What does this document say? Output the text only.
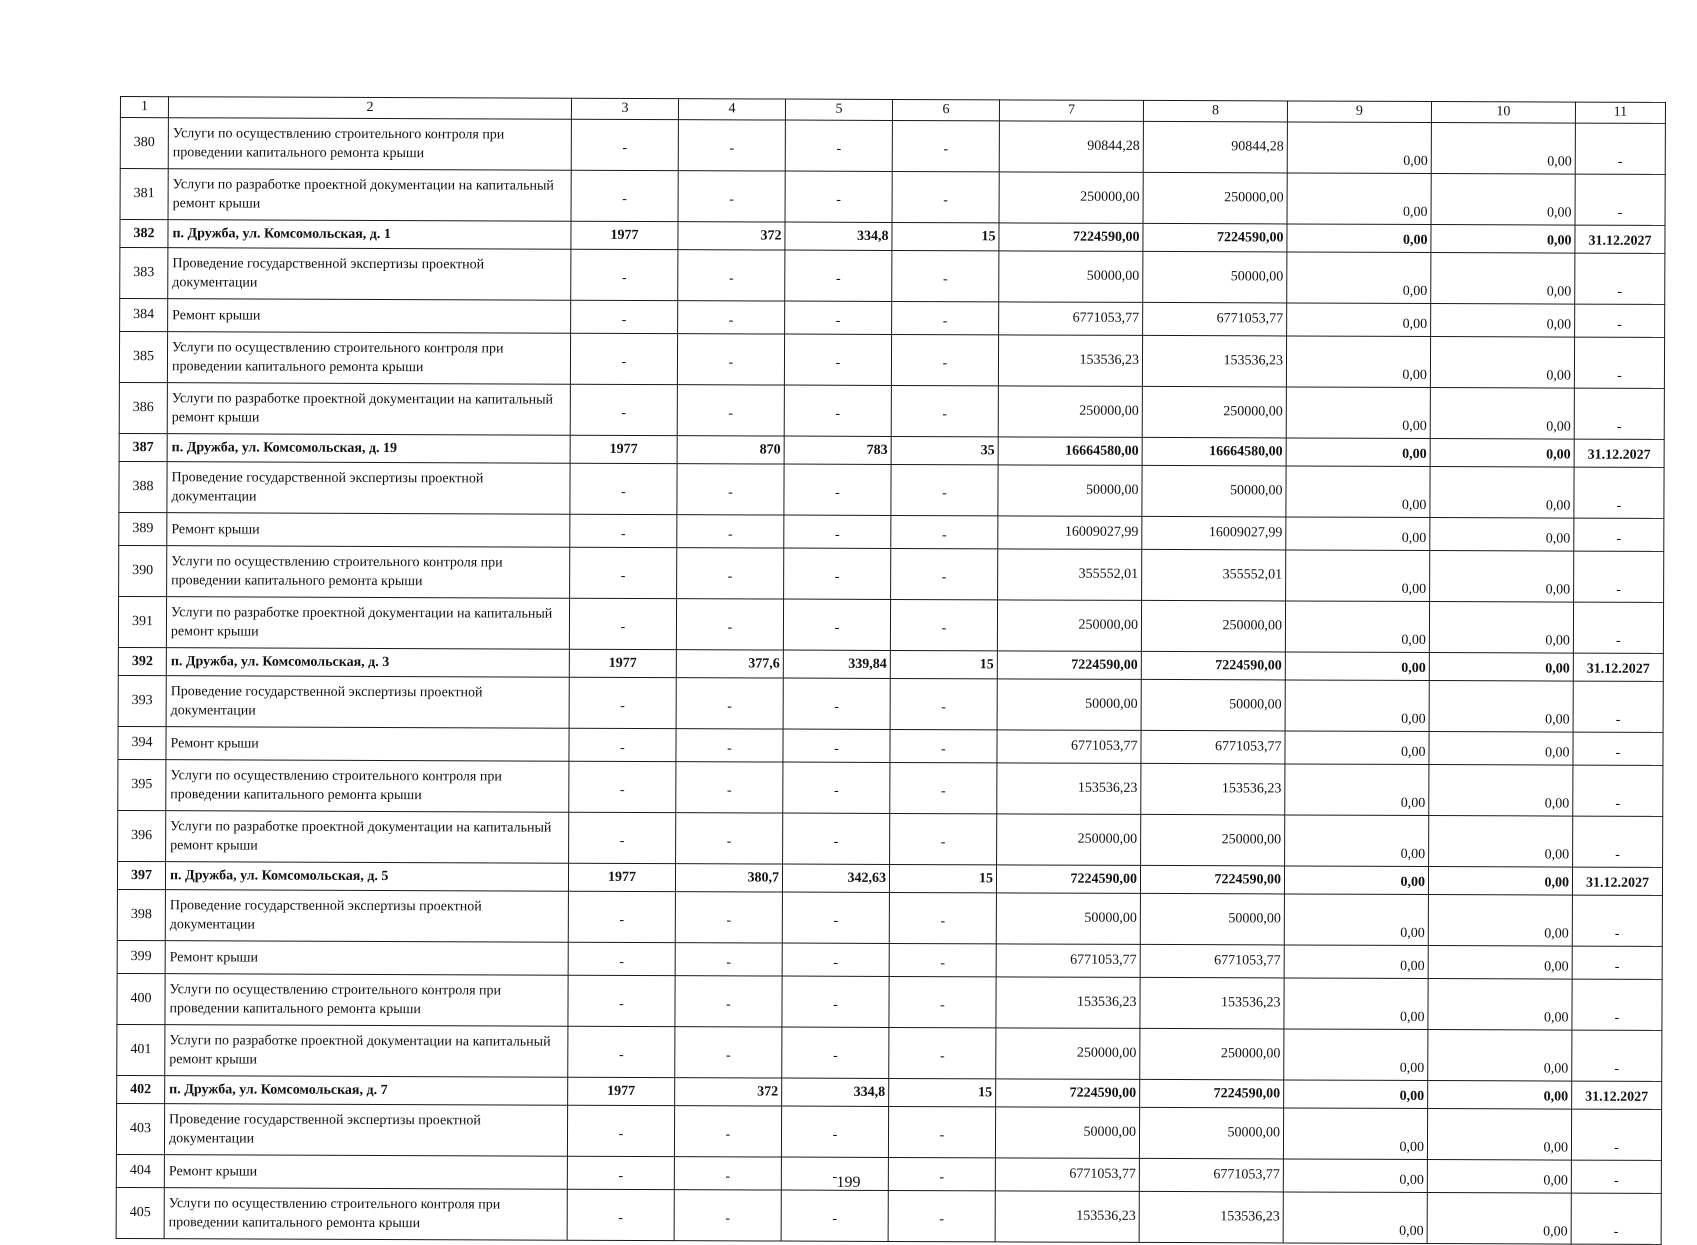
1	2	3	4	5	6	7	8	9	10	11
380	Услуги по осуществлению строительного контроля при проведении капитального ремонта крыши	-	-	-	-	90844,28	90844,28	0,00	0,00	-
381	Услуги по разработке проектной документации на капитальный ремонт крыши	-	-	-	-	250000,00	250000,00	0,00	0,00	-
382	п. Дружба, ул. Комсомольская, д. 1	1977	372	334,8	15	7224590,00	7224590,00	0,00	0,00	31.12.2027
383	Проведение государственной экспертизы проектной документации	-	-	-	-	50000,00	50000,00	0,00	0,00	-
384	Ремонт крыши	-	-	-	-	6771053,77	6771053,77	0,00	0,00	-
385	Услуги по осуществлению строительного контроля при проведении капитального ремонта крыши	-	-	-	-	153536,23	153536,23	0,00	0,00	-
386	Услуги по разработке проектной документации на капитальный ремонт крыши	-	-	-	-	250000,00	250000,00	0,00	0,00	-
387	п. Дружба, ул. Комсомольская, д. 19	1977	870	783	35	16664580,00	16664580,00	0,00	0,00	31.12.2027
388	Проведение государственной экспертизы проектной документации	-	-	-	-	50000,00	50000,00	0,00	0,00	-
389	Ремонт крыши	-	-	-	-	16009027,99	16009027,99	0,00	0,00	-
390	Услуги по осуществлению строительного контроля при проведении капитального ремонта крыши	-	-	-	-	355552,01	355552,01	0,00	0,00	-
391	Услуги по разработке проектной документации на капитальный ремонт крыши	-	-	-	-	250000,00	250000,00	0,00	0,00	-
392	п. Дружба, ул. Комсомольская, д. 3	1977	377,6	339,84	15	7224590,00	7224590,00	0,00	0,00	31.12.2027
393	Проведение государственной экспертизы проектной документации	-	-	-	-	50000,00	50000,00	0,00	0,00	-
394	Ремонт крыши	-	-	-	-	6771053,77	6771053,77	0,00	0,00	-
395	Услуги по осуществлению строительного контроля при проведении капитального ремонта крыши	-	-	-	-	153536,23	153536,23	0,00	0,00	-
396	Услуги по разработке проектной документации на капитальный ремонт крыши	-	-	-	-	250000,00	250000,00	0,00	0,00	-
397	п. Дружба, ул. Комсомольская, д. 5	1977	380,7	342,63	15	7224590,00	7224590,00	0,00	0,00	31.12.2027
398	Проведение государственной экспертизы проектной документации	-	-	-	-	50000,00	50000,00	0,00	0,00	-
399	Ремонт крыши	-	-	-	-	6771053,77	6771053,77	0,00	0,00	-
400	Услуги по осуществлению строительного контроля при проведении капитального ремонта крыши	-	-	-	-	153536,23	153536,23	0,00	0,00	-
401	Услуги по разработке проектной документации на капитальный ремонт крыши	-	-	-	-	250000,00	250000,00	0,00	0,00	-
402	п. Дружба, ул. Комсомольская, д. 7	1977	372	334,8	15	7224590,00	7224590,00	0,00	0,00	31.12.2027
403	Проведение государственной экспертизы проектной документации	-	-	-	-	50000,00	50000,00	0,00	0,00	-
404	Ремонт крыши	-	-	-	-	6771053,77	6771053,77	0,00	0,00	-
405	Услуги по осуществлению строительного контроля при проведении капитального ремонта крыши	-	-	-	-	153536,23	153536,23	0,00	0,00	-
199
